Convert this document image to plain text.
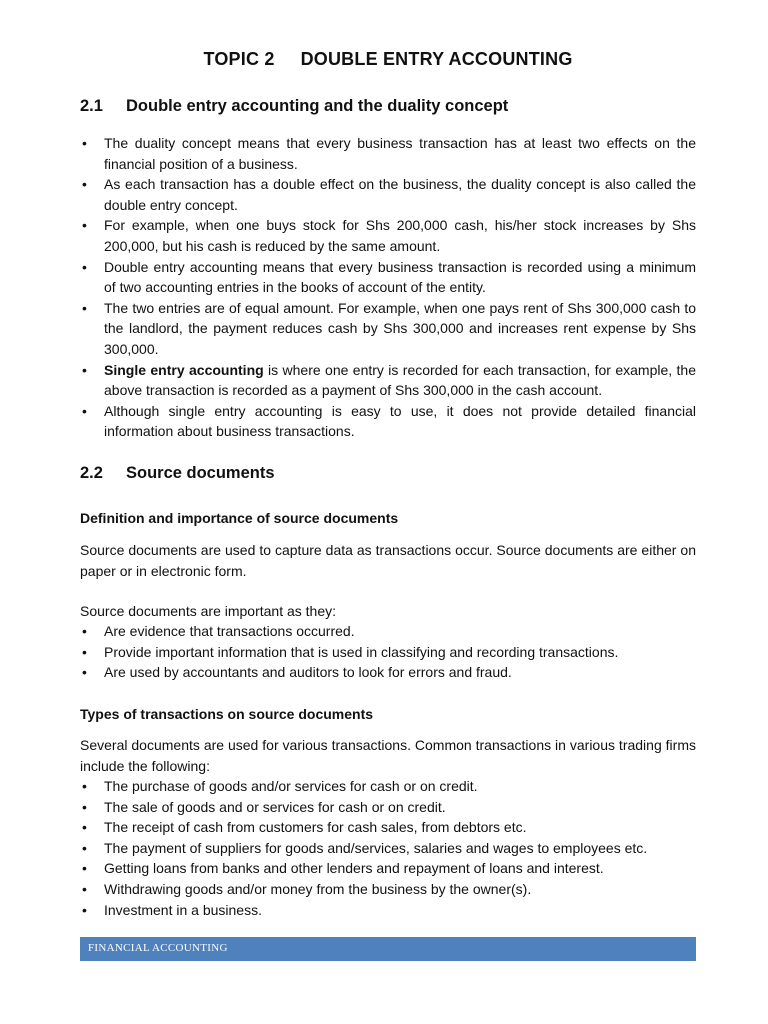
TOPIC 2     DOUBLE ENTRY ACCOUNTING
2.1 Double entry accounting and the duality concept
• The duality concept means that every business transaction has at least two effects on the financial position of a business.
• As each transaction has a double effect on the business, the duality concept is also called the double entry concept.
• For example, when one buys stock for Shs 200,000 cash, his/her stock increases by Shs 200,000, but his cash is reduced by the same amount.
• Double entry accounting means that every business transaction is recorded using a minimum of two accounting entries in the books of account of the entity.
• The two entries are of equal amount. For example, when one pays rent of Shs 300,000 cash to the landlord, the payment reduces cash by Shs 300,000 and increases rent expense by Shs 300,000.
• Single entry accounting is where one entry is recorded for each transaction, for example, the above transaction is recorded as a payment of Shs 300,000 in the cash account.
• Although single entry accounting is easy to use, it does not provide detailed financial information about business transactions.
2.2 Source documents
Definition and importance of source documents
Source documents are used to capture data as transactions occur. Source documents are either on paper or in electronic form.
Source documents are important as they:
• Are evidence that transactions occurred.
• Provide important information that is used in classifying and recording transactions.
• Are used by accountants and auditors to look for errors and fraud.
Types of transactions on source documents
Several documents are used for various transactions. Common transactions in various trading firms include the following:
• The purchase of goods and/or services for cash or on credit.
• The sale of goods and or services for cash or on credit.
• The receipt of cash from customers for cash sales, from debtors etc.
• The payment of suppliers for goods and/services, salaries and wages to employees etc.
• Getting loans from banks and other lenders and repayment of loans and interest.
• Withdrawing goods and/or money from the business by the owner(s).
• Investment in a business.
FINANCIAL ACCOUNTING
